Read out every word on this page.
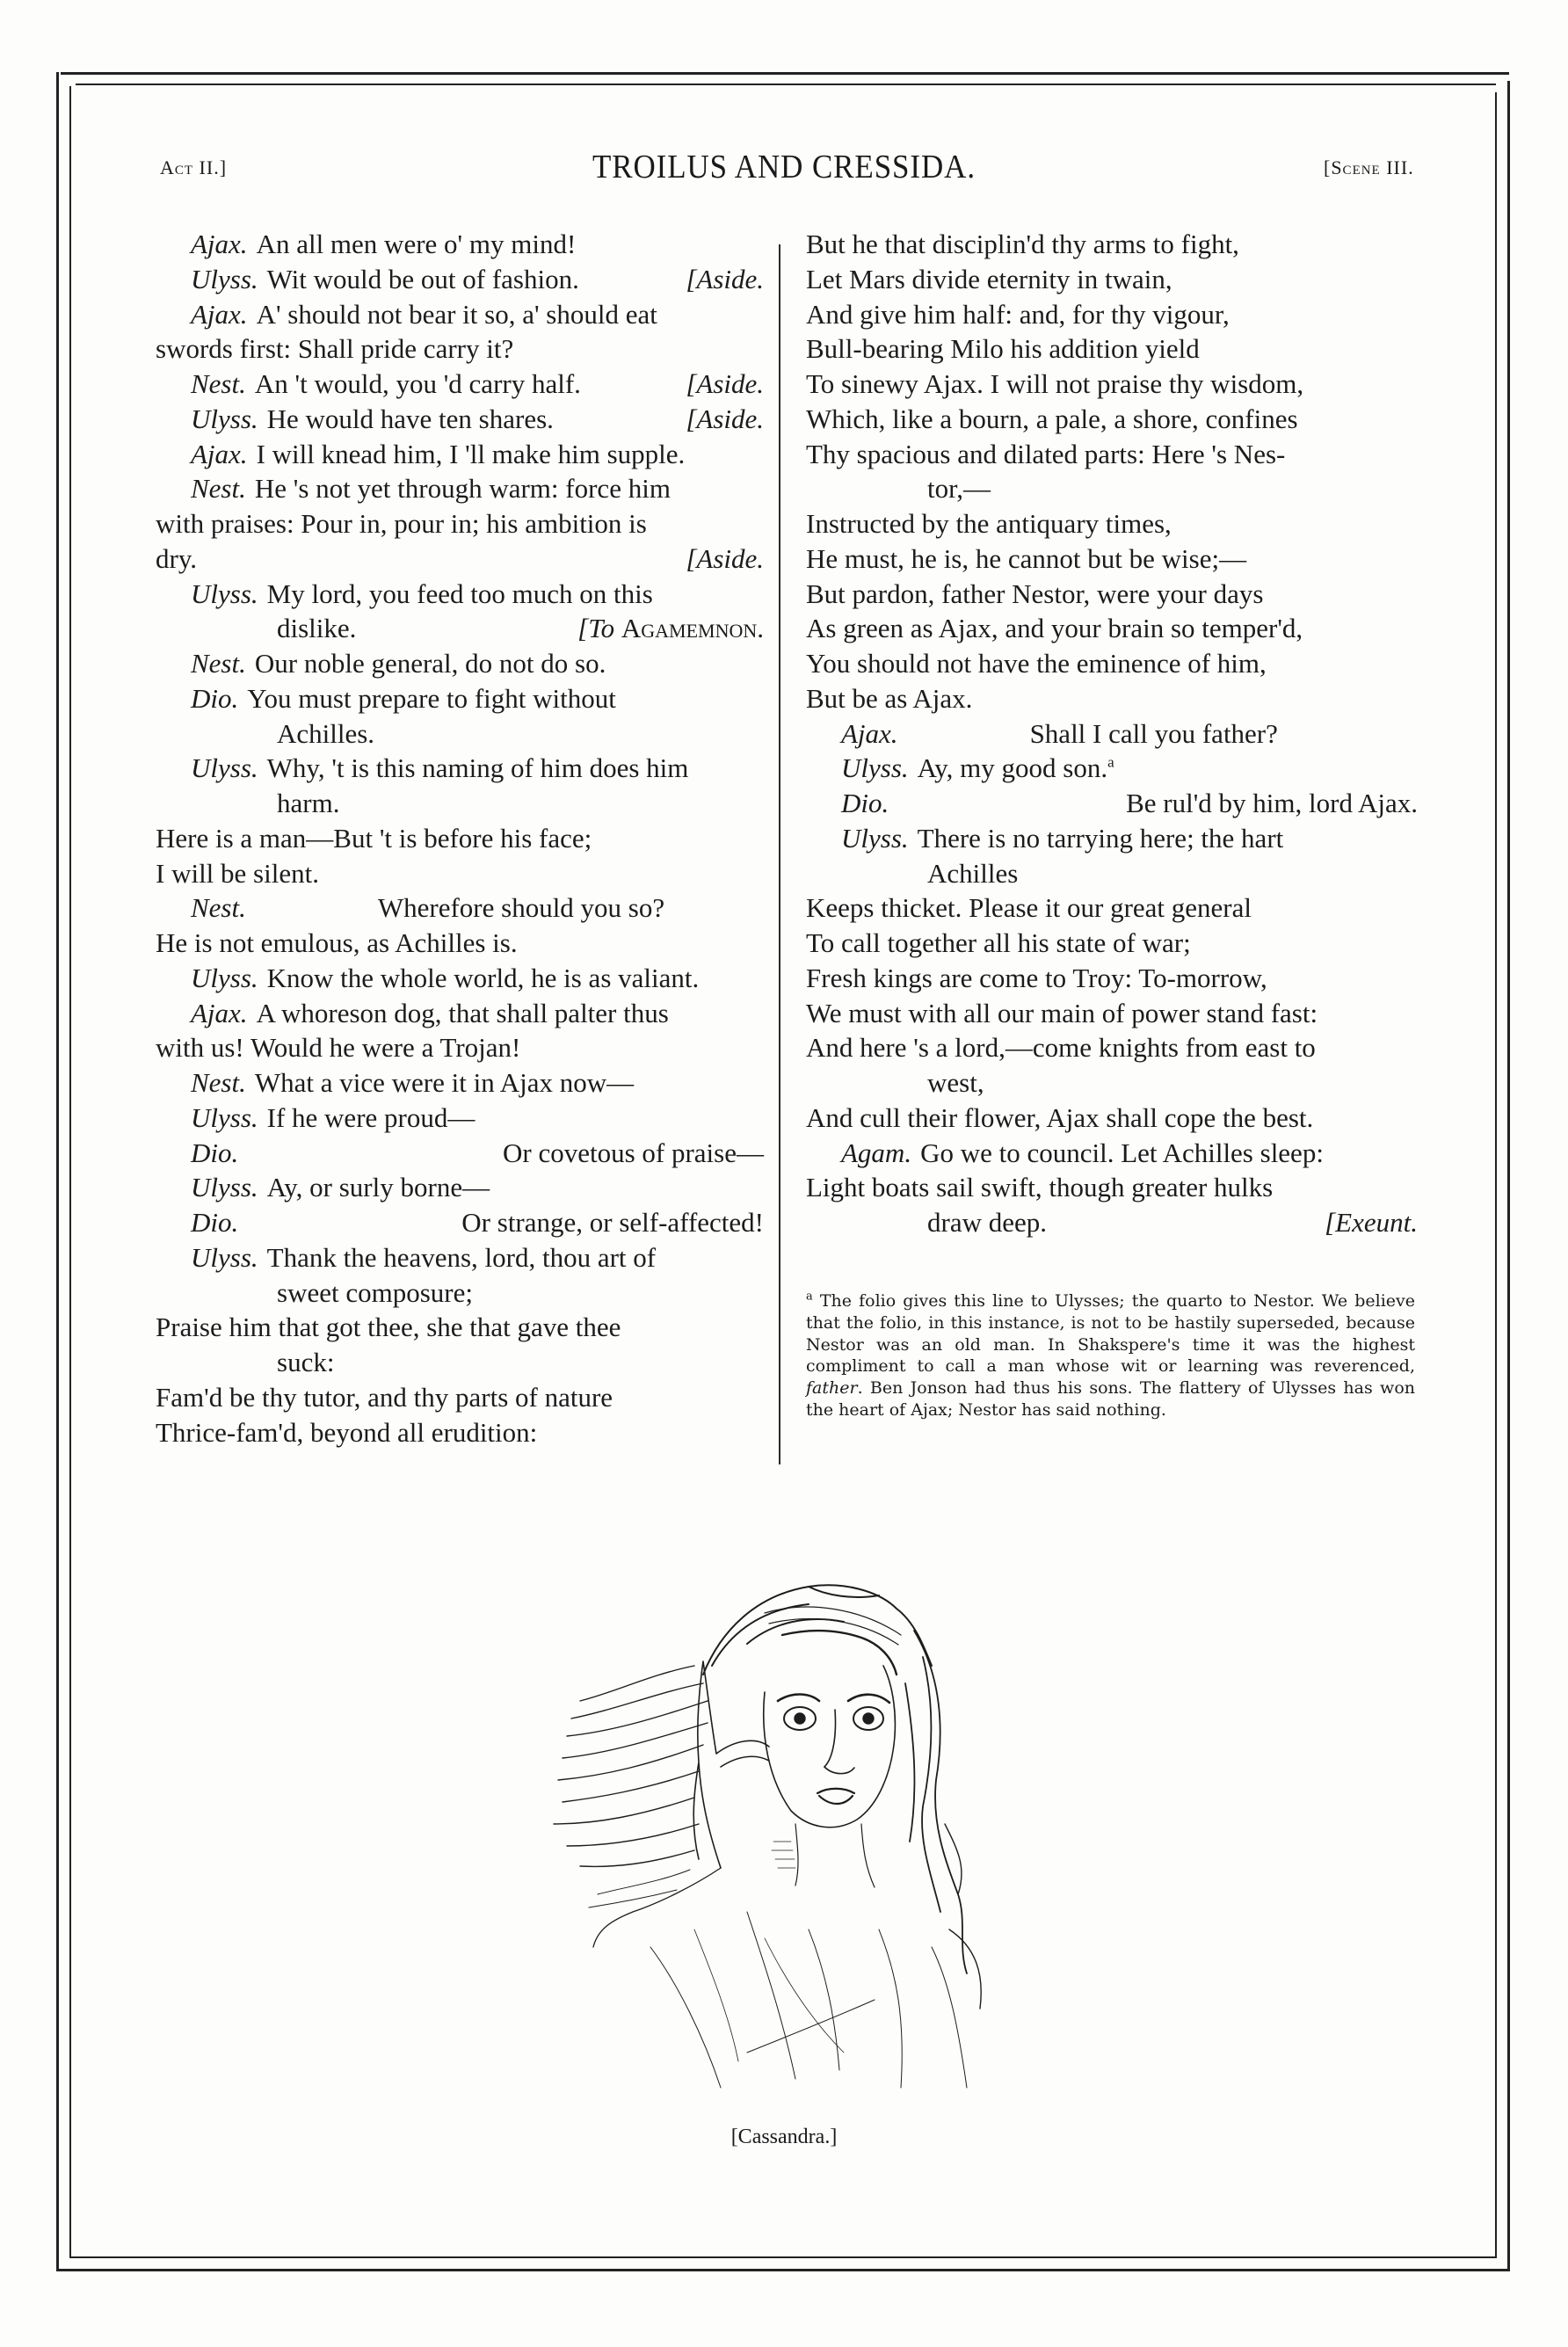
Act II.]	TROILUS AND CRESSIDA.	[Scene III.
Ajax. An all men were o' my mind!
Ulyss. Wit would be out of fashion.	[Aside.
Ajax. A' should not bear it so, a' should eat
swords first: Shall pride carry it?
Nest. An 't would, you 'd carry half.	[Aside.
Ulyss. He would have ten shares.	[Aside.
Ajax. I will knead him, I 'll make him supple.
Nest. He 's not yet through warm: force him
with praises: Pour in, pour in; his ambition is
dry.	[Aside.
Ulyss. My lord, you feed too much on this
dislike.	[To Agamemnon.
Nest. Our noble general, do not do so.
Dio. You must prepare to fight without
Achilles.
Ulyss. Why, 't is this naming of him does him
harm.
Here is a man—But 't is before his face;
I will be silent.
Nest.	Wherefore should you so?
He is not emulous, as Achilles is.
Ulyss. Know the whole world, he is as valiant.
Ajax. A whoreson dog, that shall palter thus
with us! Would he were a Trojan!
Nest. What a vice were it in Ajax now—
Ulyss. If he were proud—
Dio.	Or covetous of praise—
Ulyss. Ay, or surly borne—
Dio.	Or strange, or self-affected!
Ulyss. Thank the heavens, lord, thou art of
sweet composure;
Praise him that got thee, she that gave thee
suck:
Fam'd be thy tutor, and thy parts of nature
Thrice-fam'd, beyond all erudition:
But he that disciplin'd thy arms to fight,
Let Mars divide eternity in twain,
And give him half: and, for thy vigour,
Bull-bearing Milo his addition yield
To sinewy Ajax. I will not praise thy wisdom,
Which, like a bourn, a pale, a shore, confines
Thy spacious and dilated parts: Here 's Nes-
tor,—
Instructed by the antiquary times,
He must, he is, he cannot but be wise;—
But pardon, father Nestor, were your days
As green as Ajax, and your brain so temper'd,
You should not have the eminence of him,
But be as Ajax.
Ajax.	Shall I call you father?
Ulyss. Ay, my good son.$^a$
Dio.	Be rul'd by him, lord Ajax.
Ulyss. There is no tarrying here; the hart
Achilles
Keeps thicket. Please it our great general
To call together all his state of war;
Fresh kings are come to Troy: To-morrow,
We must with all our main of power stand fast:
And here 's a lord,—come knights from east to
west,
And cull their flower, Ajax shall cope the best.
Agam. Go we to council. Let Achilles sleep:
Light boats sail swift, though greater hulks
draw deep.	[Exeunt.
$^a$ The folio gives this line to Ulysses; the quarto to Nestor. We believe that the folio, in this instance, is not to be hastily superseded, because Nestor was an old man. In Shakspere's time it was the highest compliment to call a man whose wit or learning was reverenced, father. Ben Jonson had thus his sons. The flattery of Ulysses has won the heart of Ajax; Nestor has said nothing.
[Cassandra.]
